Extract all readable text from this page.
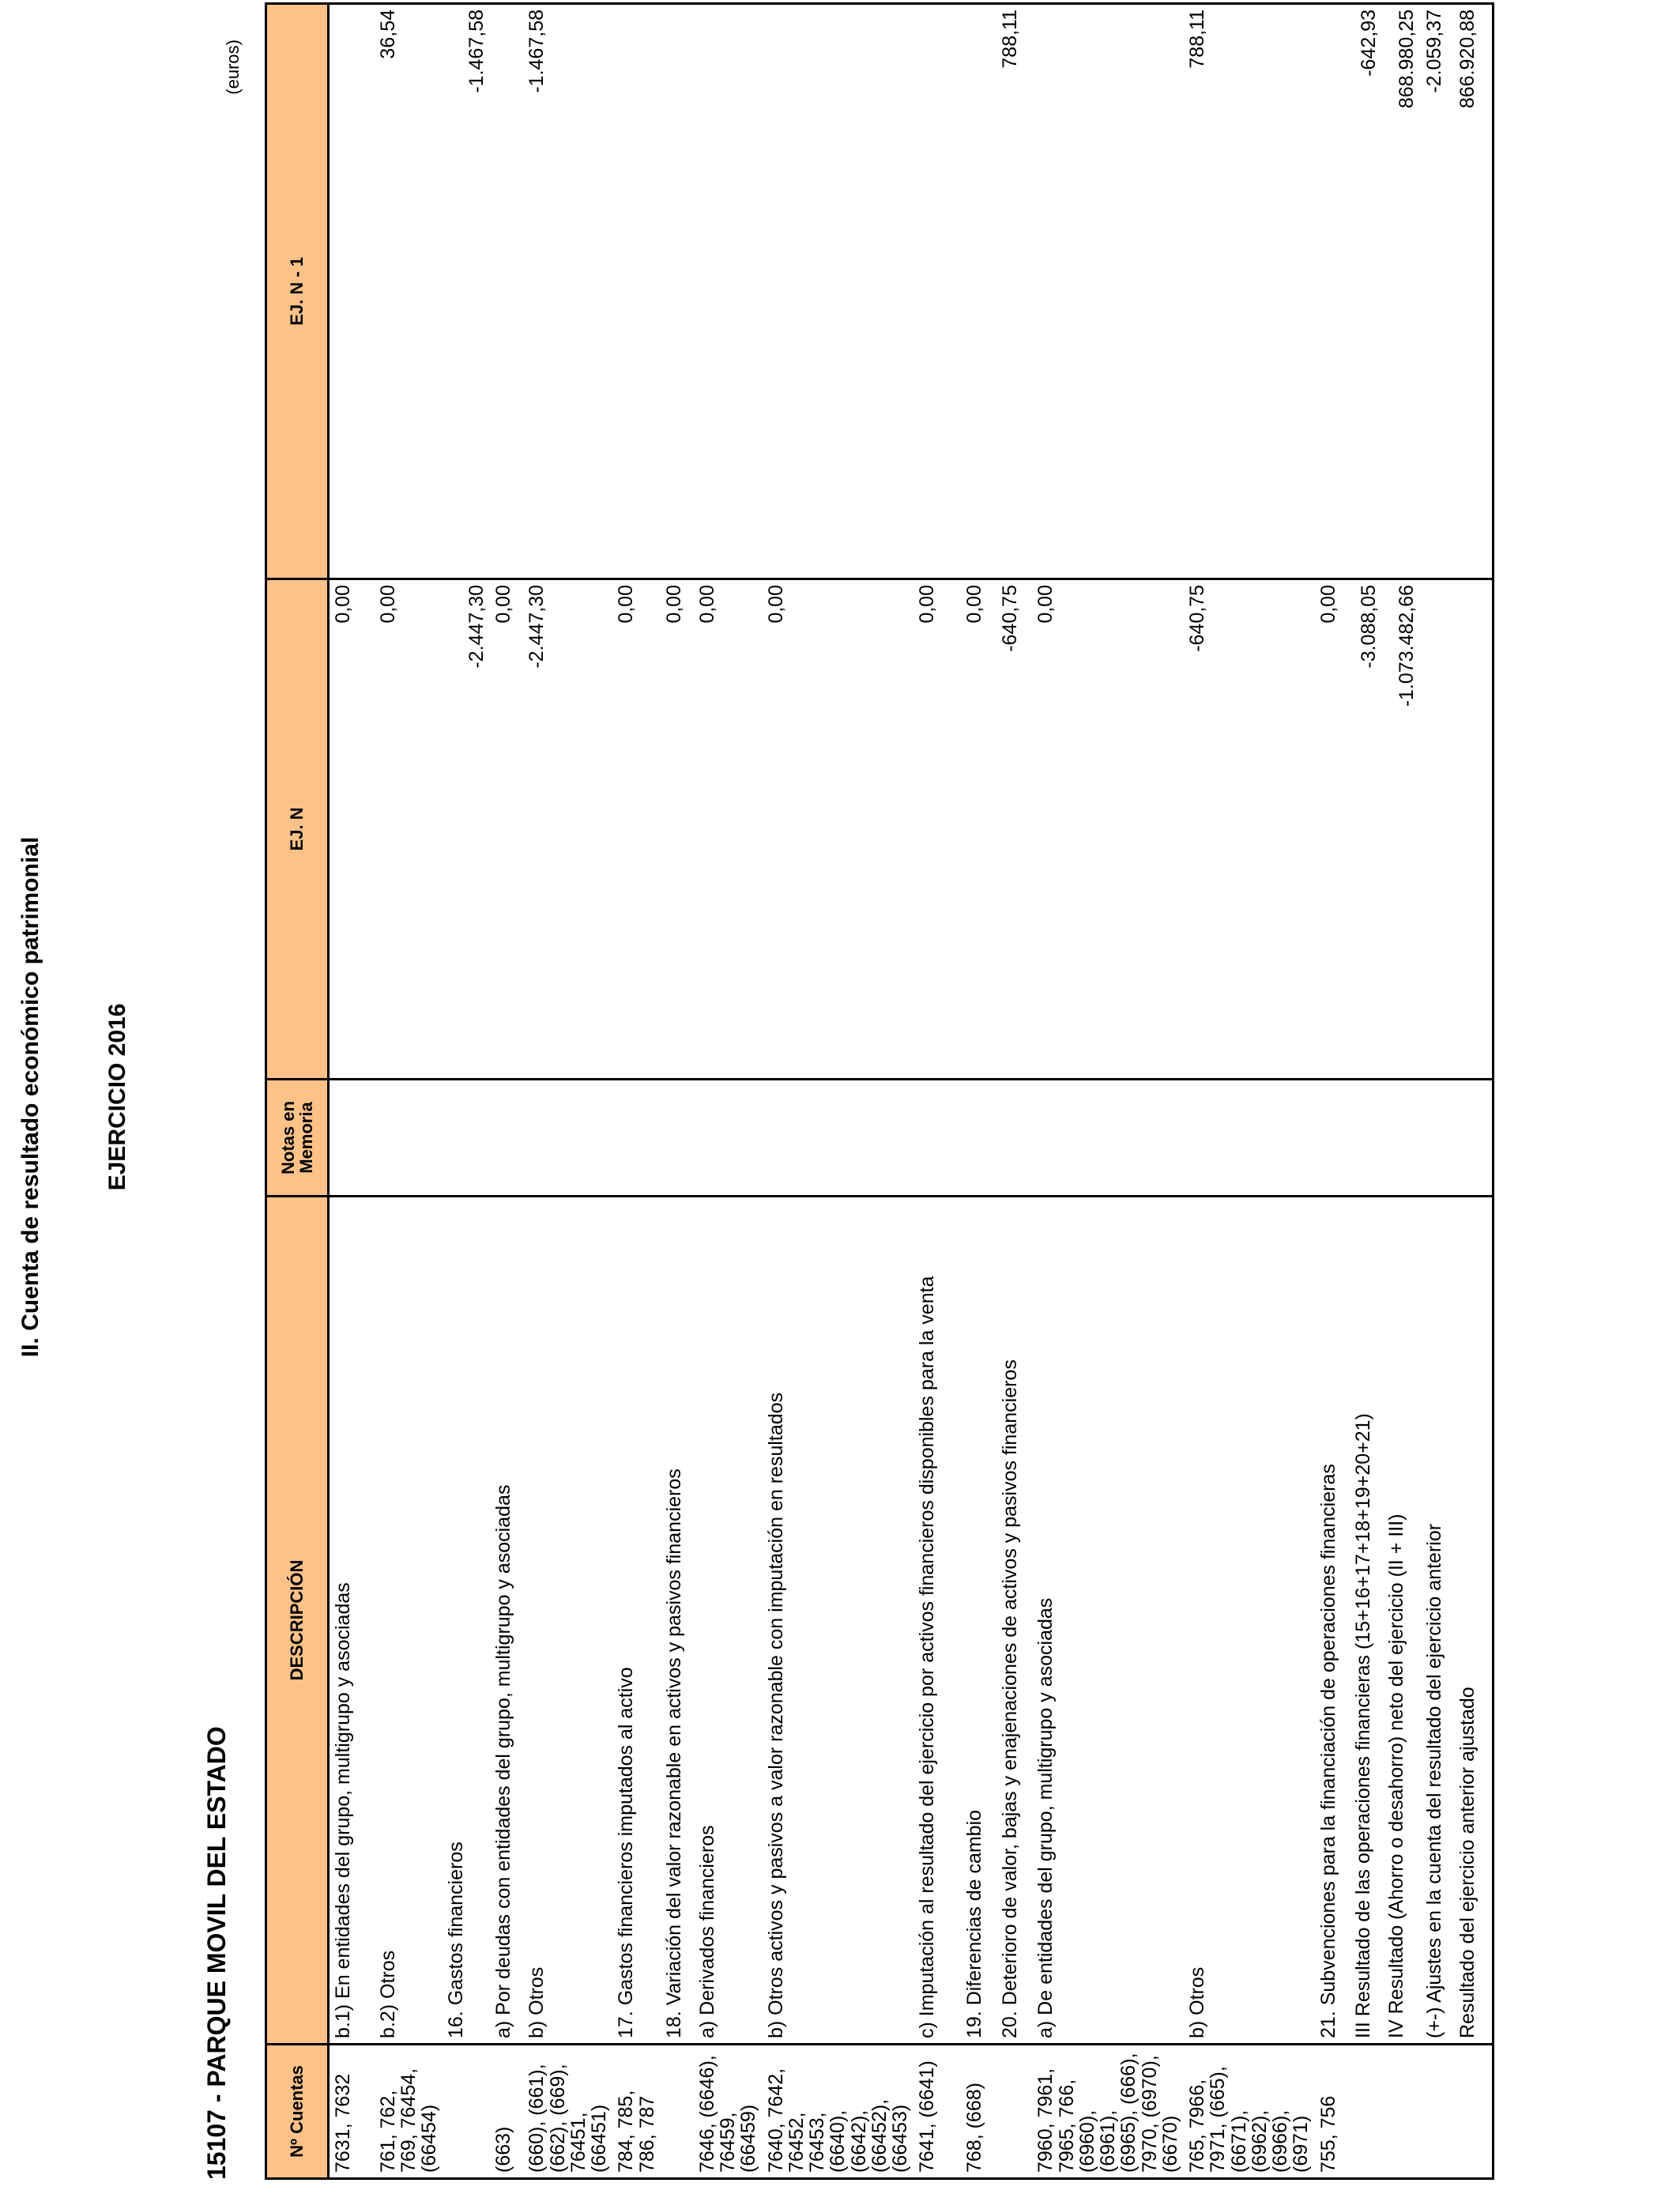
II. Cuenta de resultado económico patrimonial	EJERCICIO 2016
15107 - PARQUE MOVIL DEL ESTADO
(euros)
Nº Cuentas	DESCRIPCIÓN	Notas en Memoria	EJ. N	EJ. N - 1
7631, 7632	b.1) En entidades del grupo, multigrupo y asociadas		0,00	
761, 762, 769, 76454, (66454)	b.2) Otros		0,00	36,54
	16. Gastos financieros		-2.447,30	-1.467,58
(663)	a) Por deudas con entidades del grupo, multigrupo y asociadas		0,00	
(660), (661), (662), (669), 76451, (66451)	b) Otros		-2.447,30	-1.467,58
784, 785, 786, 787	17. Gastos financieros imputados al activo		0,00	
	18. Variación del valor razonable en activos y pasivos financieros		0,00	
7646, (6646), 76459, (66459)	a) Derivados financieros		0,00	
7640, 7642, 76452, 76453, (6640), (6642), (66452), (66453)	b) Otros activos y pasivos a valor razonable con imputación en resultados		0,00	
7641, (6641)	c) Imputación al resultado del ejercicio por activos financieros disponibles para la venta		0,00	
768, (668)	19. Diferencias de cambio		0,00	
	20. Deterioro de valor, bajas y enajenaciones de activos y pasivos financieros		-640,75	788,11
7960, 7961, 7965, 766, (6960), (6961), (6965), (666), 7970, (6970), (6670)	a) De entidades del grupo, multigrupo y asociadas		0,00	
765, 7966, 7971, (665), (6671), (6962), (6966), (6971)	b) Otros		-640,75	788,11
755, 756	21. Subvenciones para la financiación de operaciones financieras		0,00	
	III Resultado de las operaciones financieras (15+16+17+18+19+20+21)		-3.088,05	-642,93
	IV Resultado (Ahorro o desahorro) neto del ejercicio (II + III)		-1.073.482,66	868.980,25
	(+-) Ajustes en la cuenta del resultado del ejercicio anterior			-2.059,37
	Resultado del ejercicio anterior ajustado			866.920,88
